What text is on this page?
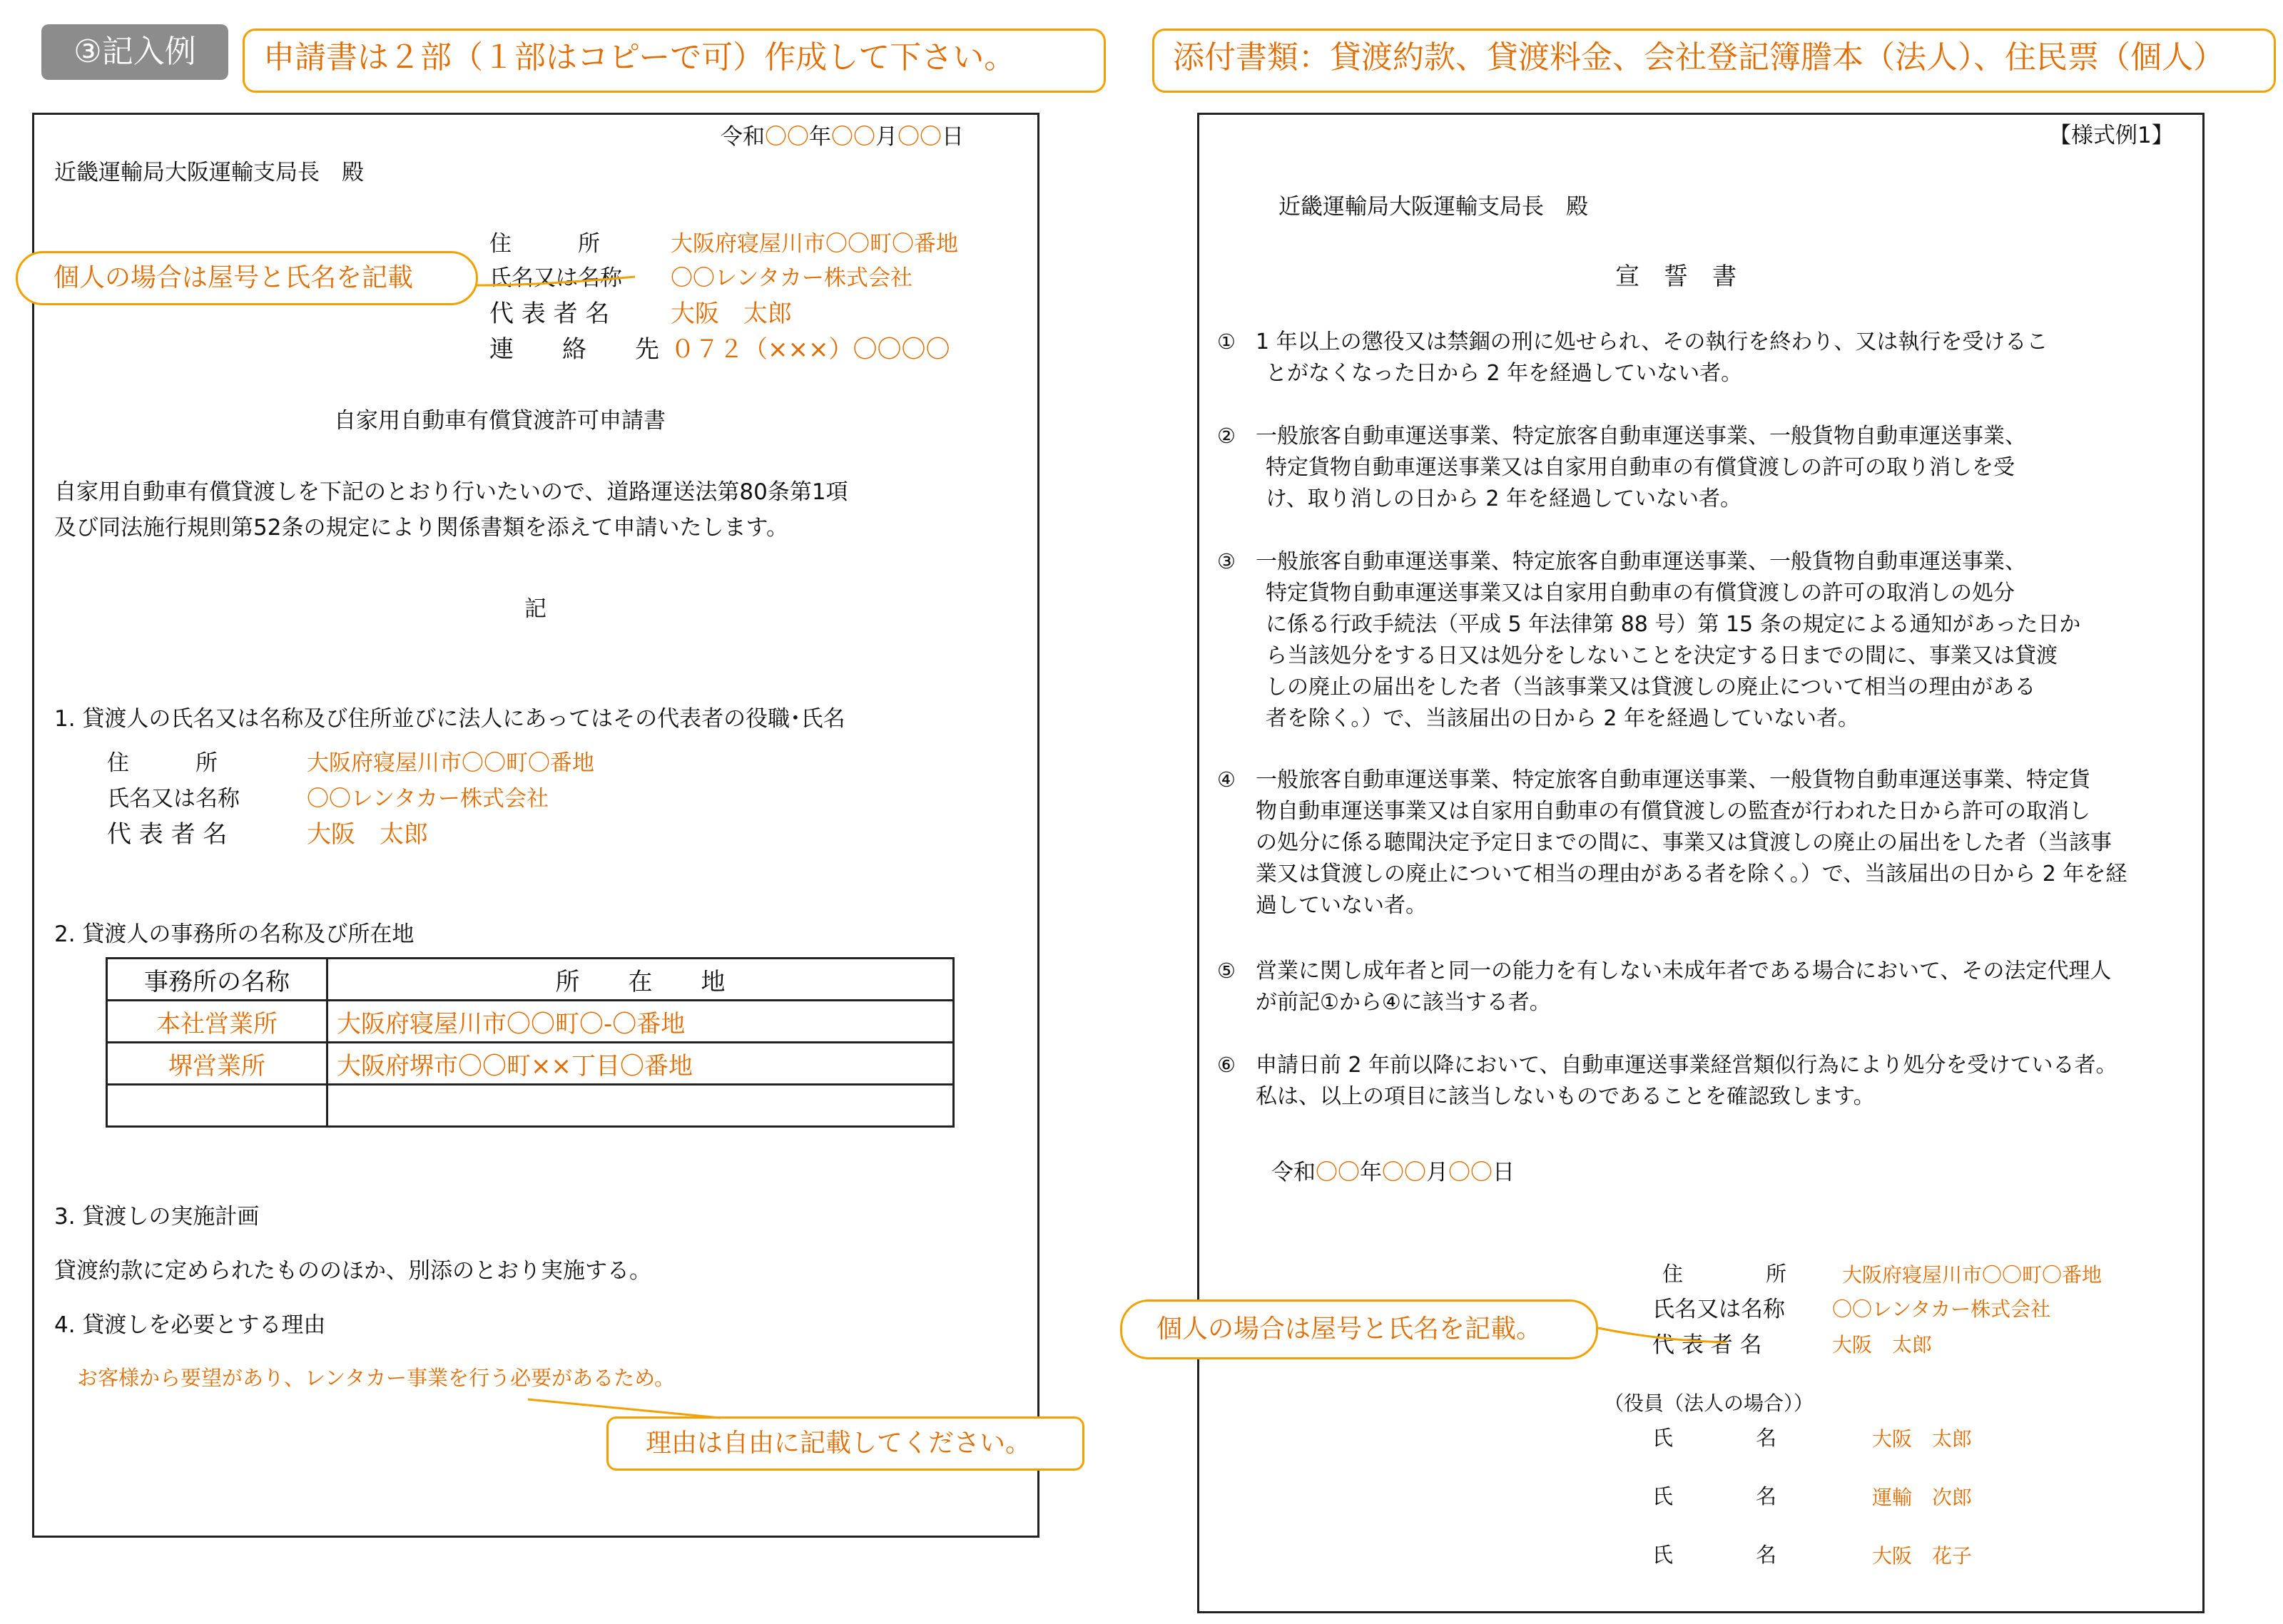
③記入例	申請書は２部（１部はコピーで可）作成して下さい。	添付書類：貸渡約款、貸渡料金、会社登記簿謄本（法人）、住民票（個人）
令和〇〇年〇〇月〇〇日
近畿運輸局大阪運輸支局長　殿
住　　　所	大阪府寝屋川市〇〇町〇番地
氏名又は名称 〇〇レンタカー株式会社
代 表 者 名	大阪　太郎
連　　絡　　先 ０７２（×××）〇〇〇〇
個人の場合は屋号と氏名を記載
自家用自動車有償貸渡許可申請書
自家用自動車有償貸渡しを下記のとおり行いたいので、道路運送法第80条第1項
及び同法施行規則第52条の規定により関係書類を添えて申請いたします。
記
1. 貸渡人の氏名又は名称及び住所並びに法人にあってはその代表者の役職･氏名
住　　　所	大阪府寝屋川市〇〇町〇番地
氏名又は名称	〇〇レンタカー株式会社
代 表 者 名	大阪　太郎
2. 貸渡人の事務所の名称及び所在地
事務所の名称	所　　在　　地
本社営業所	大阪府寝屋川市〇〇町〇‐〇番地
堺営業所	大阪府堺市〇〇町××丁目〇番地

3. 貸渡しの実施計画
貸渡約款に定められたもののほか、別添のとおり実施する。
4. 貸渡しを必要とする理由
お客様から要望があり、レンタカー事業を行う必要があるため。
理由は自由に記載してください。
【様式例1】
近畿運輸局大阪運輸支局長　殿
宣　誓　書
① 1 年以上の懲役又は禁錮の刑に処せられ、その執行を終わり、又は執行を受けるこ
とがなくなった日から 2 年を経過していない者。
② 一般旅客自動車運送事業、特定旅客自動車運送事業、一般貨物自動車運送事業、
特定貨物自動車運送事業又は自家用自動車の有償貸渡しの許可の取り消しを受
け、取り消しの日から 2 年を経過していない者。
③ 一般旅客自動車運送事業、特定旅客自動車運送事業、一般貨物自動車運送事業、
特定貨物自動車運送事業又は自家用自動車の有償貸渡しの許可の取消しの処分
に係る行政手続法（平成 5 年法律第 88 号）第 15 条の規定による通知があった日か
ら当該処分をする日又は処分をしないことを決定する日までの間に、事業又は貸渡
しの廃止の届出をした者（当該事業又は貸渡しの廃止について相当の理由がある
者を除く。）で、当該届出の日から 2 年を経過していない者。
④ 一般旅客自動車運送事業、特定旅客自動車運送事業、一般貨物自動車運送事業、特定貨
物自動車運送事業又は自家用自動車の有償貸渡しの監査が行われた日から許可の取消し
の処分に係る聴聞決定予定日までの間に、事業又は貸渡しの廃止の届出をした者（当該事
業又は貸渡しの廃止について相当の理由がある者を除く。）で、当該届出の日から 2 年を経
過していない者。
⑤ 営業に関し成年者と同一の能力を有しない未成年者である場合において、その法定代理人
が前記①から④に該当する者。
⑥ 申請日前 2 年前以降において、自動車運送事業経営類似行為により処分を受けている者。
私は、以上の項目に該当しないものであることを確認致します。
令和〇〇年〇〇月〇〇日
住　　　　所	大阪府寝屋川市〇〇町〇番地
氏名又は名称 〇〇レンタカー株式会社
代 表 者 名	大阪　太郎
個人の場合は屋号と氏名を記載。
（役員（法人の場合））
氏　　　　名	大阪　太郎
氏　　　　名	運輸　次郎
氏　　　　名	大阪　花子
